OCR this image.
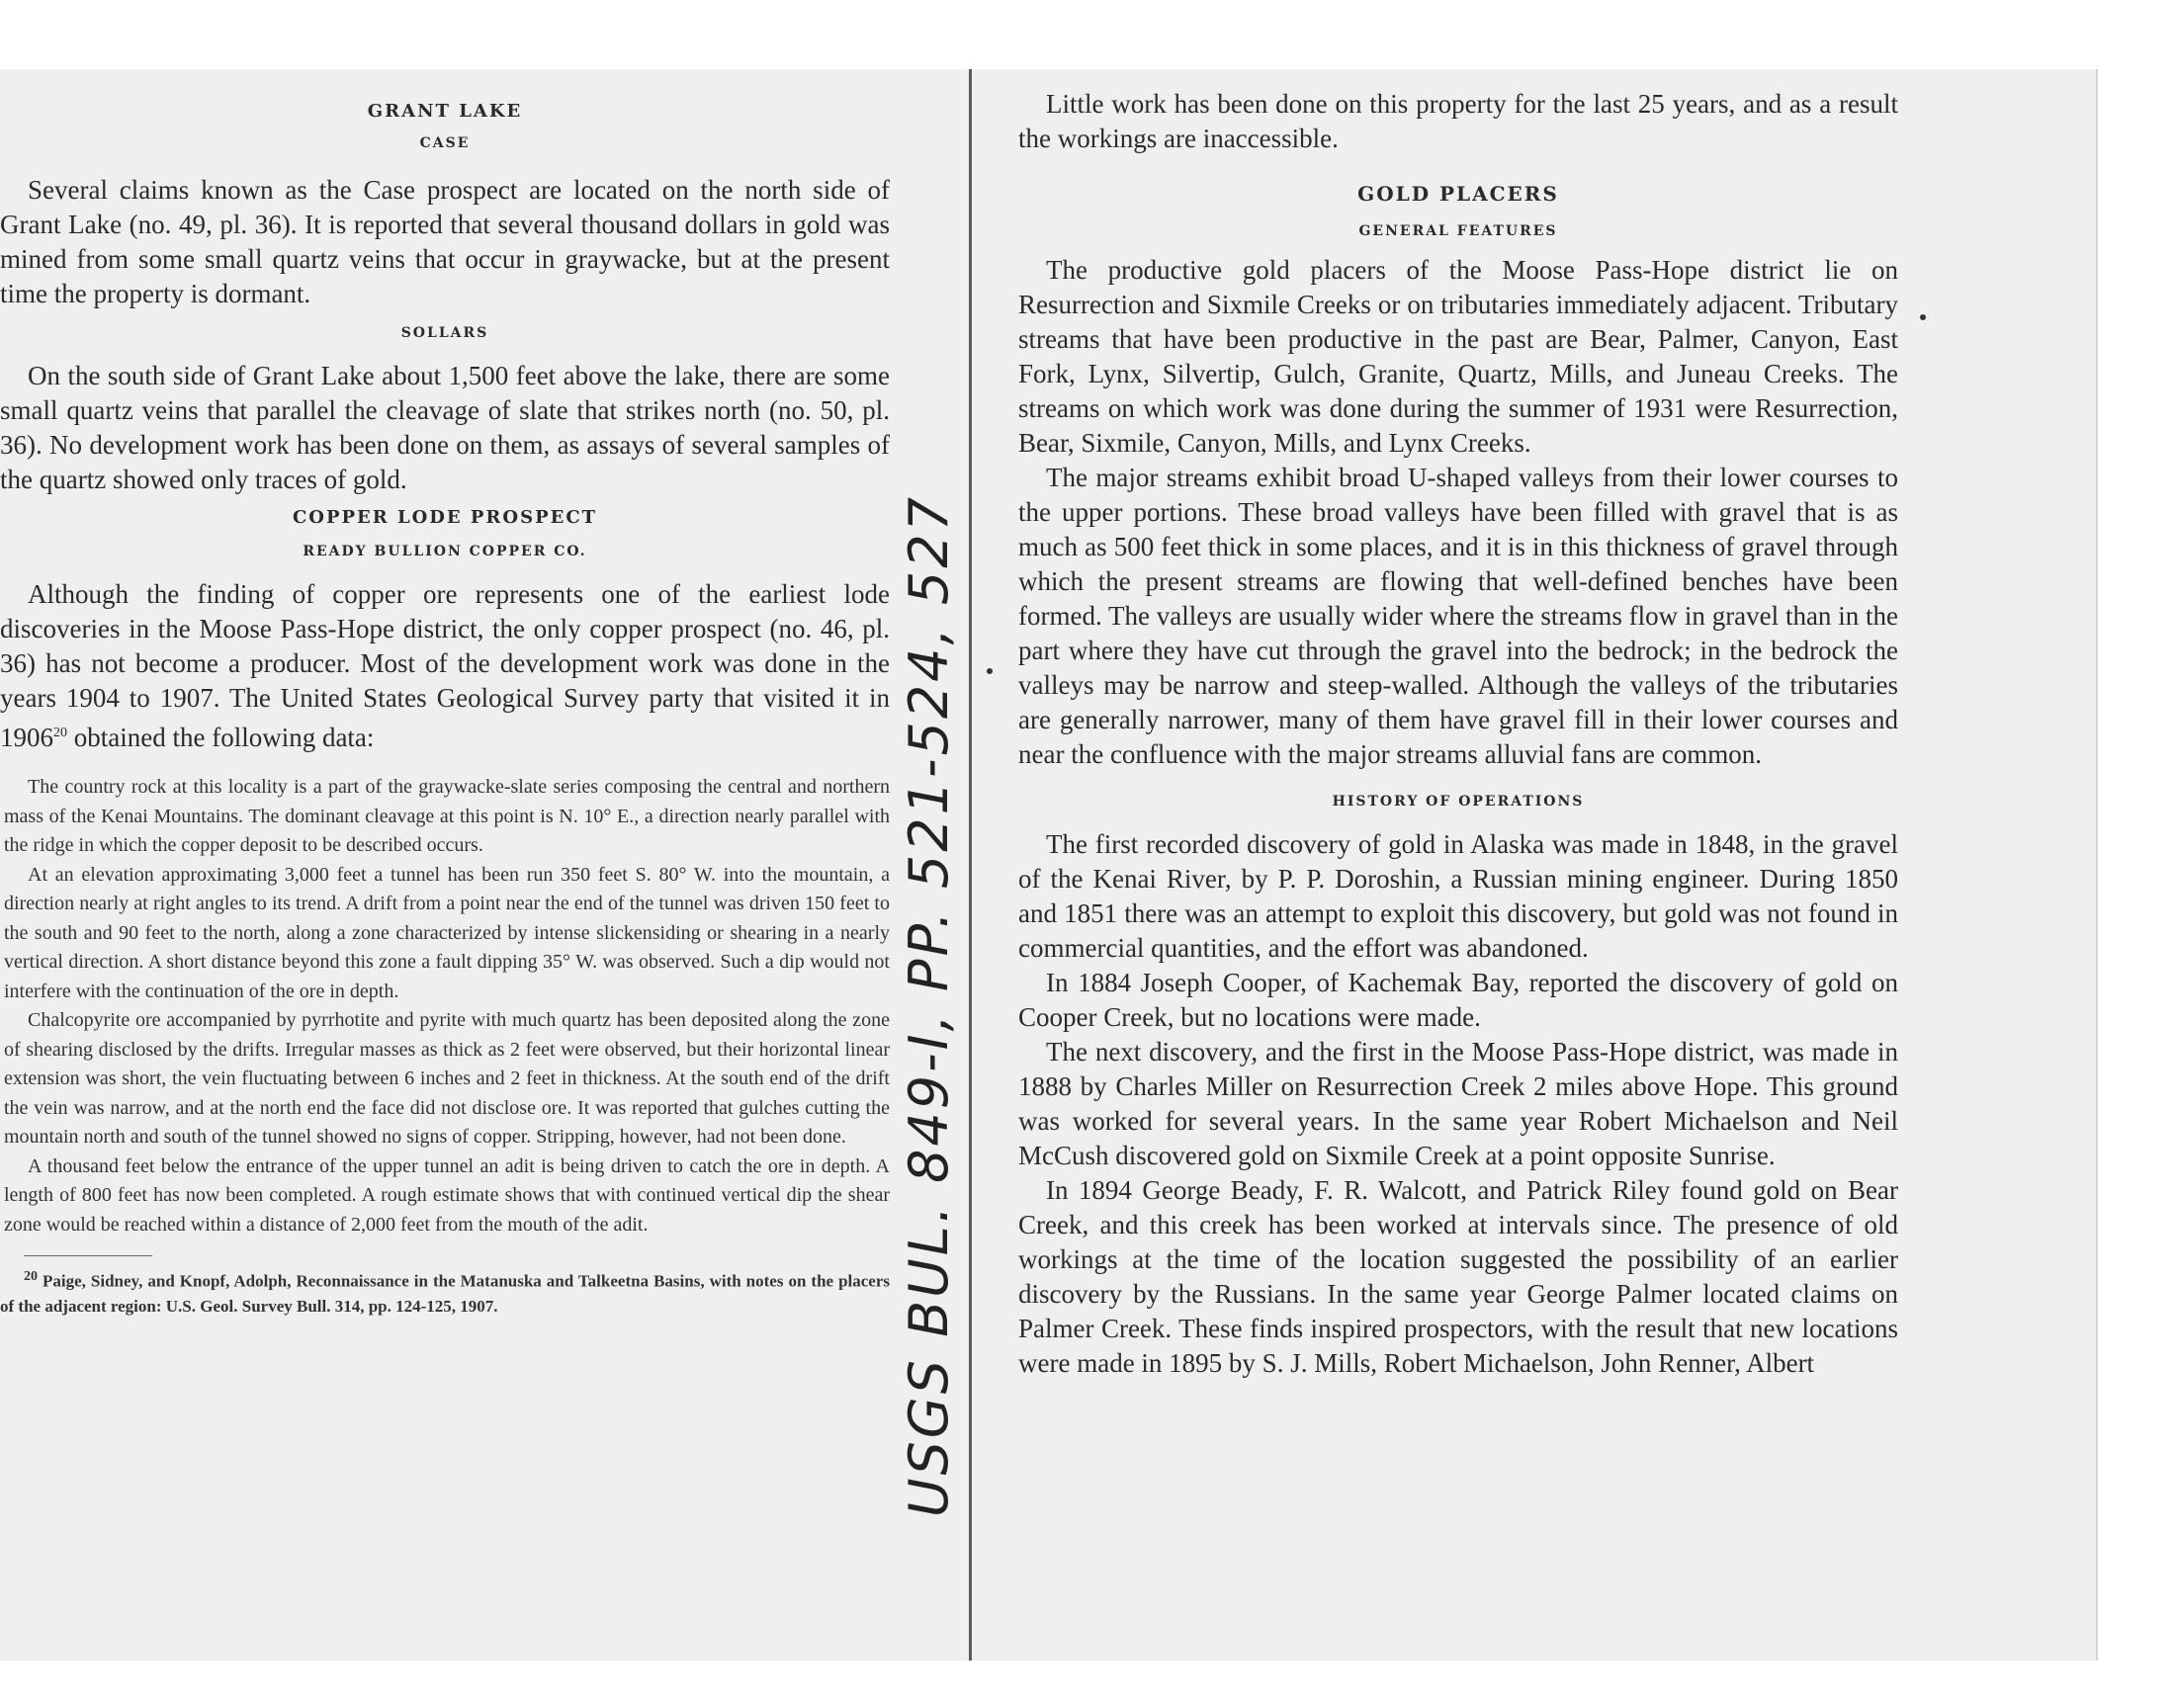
GRANT LAKE
CASE

Several claims known as the Case prospect are located on the north side of Grant Lake (no. 49, pl. 36). It is reported that several thousand dollars in gold was mined from some small quartz veins that occur in graywacke, but at the present time the property is dormant.

SOLLARS

On the south side of Grant Lake about 1,500 feet above the lake, there are some small quartz veins that parallel the cleavage of slate that strikes north (no. 50, pl. 36). No development work has been done on them, as assays of several samples of the quartz showed only traces of gold.

COPPER LODE PROSPECT
READY BULLION COPPER CO.

Although the finding of copper ore represents one of the earliest lode discoveries in the Moose Pass-Hope district, the only copper prospect (no. 46, pl. 36) has not become a producer. Most of the development work was done in the years 1904 to 1907. The United States Geological Survey party that visited it in 1906$^{20}$ obtained the following data:

The country rock at this locality is a part of the graywacke-slate series composing the central and northern mass of the Kenai Mountains. The dominant cleavage at this point is N. 10° E., a direction nearly parallel with the ridge in which the copper deposit to be described occurs.

At an elevation approximating 3,000 feet a tunnel has been run 350 feet S. 80° W. into the mountain, a direction nearly at right angles to its trend. A drift from a point near the end of the tunnel was driven 150 feet to the south and 90 feet to the north, along a zone characterized by intense slickensiding or shearing in a nearly vertical direction. A short distance beyond this zone a fault dipping 35° W. was observed. Such a dip would not interfere with the continuation of the ore in depth.

Chalcopyrite ore accompanied by pyrrhotite and pyrite with much quartz has been deposited along the zone of shearing disclosed by the drifts. Irregular masses as thick as 2 feet were observed, but their horizontal linear extension was short, the vein fluctuating between 6 inches and 2 feet in thickness. At the south end of the drift the vein was narrow, and at the north end the face did not disclose ore. It was reported that gulches cutting the mountain north and south of the tunnel showed no signs of copper. Stripping, however, had not been done.

A thousand feet below the entrance of the upper tunnel an adit is being driven to catch the ore in depth. A length of 800 feet has now been completed. A rough estimate shows that with continued vertical dip the shear zone would be reached within a distance of 2,000 feet from the mouth of the adit.

$^{20}$ Paige, Sidney, and Knopf, Adolph, Reconnaissance in the Matanuska and Talkeetna Basins, with notes on the placers of the adjacent region: U.S. Geol. Survey Bull. 314, pp. 124-125, 1907.	USGS BUL. 849-I, PP. 521-524, 527

Little work has been done on this property for the last 25 years, and as a result the workings are inaccessible.

GOLD PLACERS
GENERAL FEATURES

The productive gold placers of the Moose Pass-Hope district lie on Resurrection and Sixmile Creeks or on tributaries immediately adjacent. Tributary streams that have been productive in the past are Bear, Palmer, Canyon, East Fork, Lynx, Silvertip, Gulch, Granite, Quartz, Mills, and Juneau Creeks. The streams on which work was done during the summer of 1931 were Resurrection, Bear, Sixmile, Canyon, Mills, and Lynx Creeks.

The major streams exhibit broad U-shaped valleys from their lower courses to the upper portions. These broad valleys have been filled with gravel that is as much as 500 feet thick in some places, and it is in this thickness of gravel through which the present streams are flowing that well-defined benches have been formed. The valleys are usually wider where the streams flow in gravel than in the part where they have cut through the gravel into the bedrock; in the bedrock the valleys may be narrow and steep-walled. Although the valleys of the tributaries are generally narrower, many of them have gravel fill in their lower courses and near the confluence with the major streams alluvial fans are common.

HISTORY OF OPERATIONS

The first recorded discovery of gold in Alaska was made in 1848, in the gravel of the Kenai River, by P. P. Doroshin, a Russian mining engineer. During 1850 and 1851 there was an attempt to exploit this discovery, but gold was not found in commercial quantities, and the effort was abandoned.

In 1884 Joseph Cooper, of Kachemak Bay, reported the discovery of gold on Cooper Creek, but no locations were made.

The next discovery, and the first in the Moose Pass-Hope district, was made in 1888 by Charles Miller on Resurrection Creek 2 miles above Hope. This ground was worked for several years. In the same year Robert Michaelson and Neil McCush discovered gold on Sixmile Creek at a point opposite Sunrise.

In 1894 George Beady, F. R. Walcott, and Patrick Riley found gold on Bear Creek, and this creek has been worked at intervals since. The presence of old workings at the time of the location suggested the possibility of an earlier discovery by the Russians. In the same year George Palmer located claims on Palmer Creek. These finds inspired prospectors, with the result that new locations were made in 1895 by S. J. Mills, Robert Michaelson, John Renner, Albert
